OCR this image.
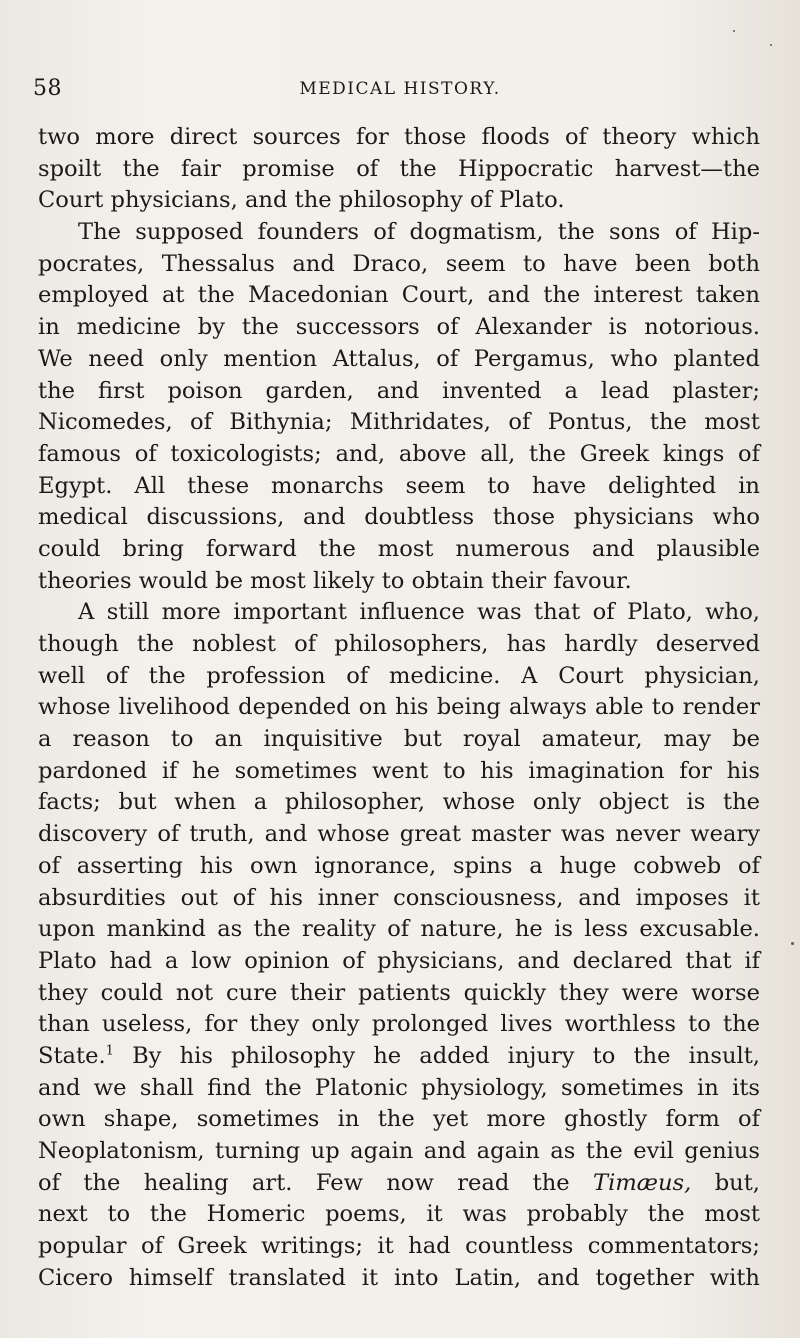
58	MEDICAL HISTORY.
two more direct sources for those floods of theory which
spoilt the fair promise of the Hippocratic harvest—the
Court physicians, and the philosophy of Plato.
The supposed founders of dogmatism, the sons of Hip-
pocrates, Thessalus and Draco, seem to have been both
employed at the Macedonian Court, and the interest taken
in medicine by the successors of Alexander is notorious.
We need only mention Attalus, of Pergamus, who planted
the first poison garden, and invented a lead plaster;
Nicomedes, of Bithynia; Mithridates, of Pontus, the most
famous of toxicologists; and, above all, the Greek kings of
Egypt. All these monarchs seem to have delighted in
medical discussions, and doubtless those physicians who
could bring forward the most numerous and plausible
theories would be most likely to obtain their favour.
A still more important influence was that of Plato, who,
though the noblest of philosophers, has hardly deserved
well of the profession of medicine. A Court physician,
whose livelihood depended on his being always able to render
a reason to an inquisitive but royal amateur, may be
pardoned if he sometimes went to his imagination for his
facts; but when a philosopher, whose only object is the
discovery of truth, and whose great master was never weary
of asserting his own ignorance, spins a huge cobweb of
absurdities out of his inner consciousness, and imposes it
upon mankind as the reality of nature, he is less excusable.
Plato had a low opinion of physicians, and declared that if
they could not cure their patients quickly they were worse
than useless, for they only prolonged lives worthless to the
State.$^1$ By his philosophy he added injury to the insult,
and we shall find the Platonic physiology, sometimes in its
own shape, sometimes in the yet more ghostly form of
Neoplatonism, turning up again and again as the evil genius
of the healing art. Few now read the Timæus, but,
next to the Homeric poems, it was probably the most
popular of Greek writings; it had countless commentators;
Cicero himself translated it into Latin, and together with
